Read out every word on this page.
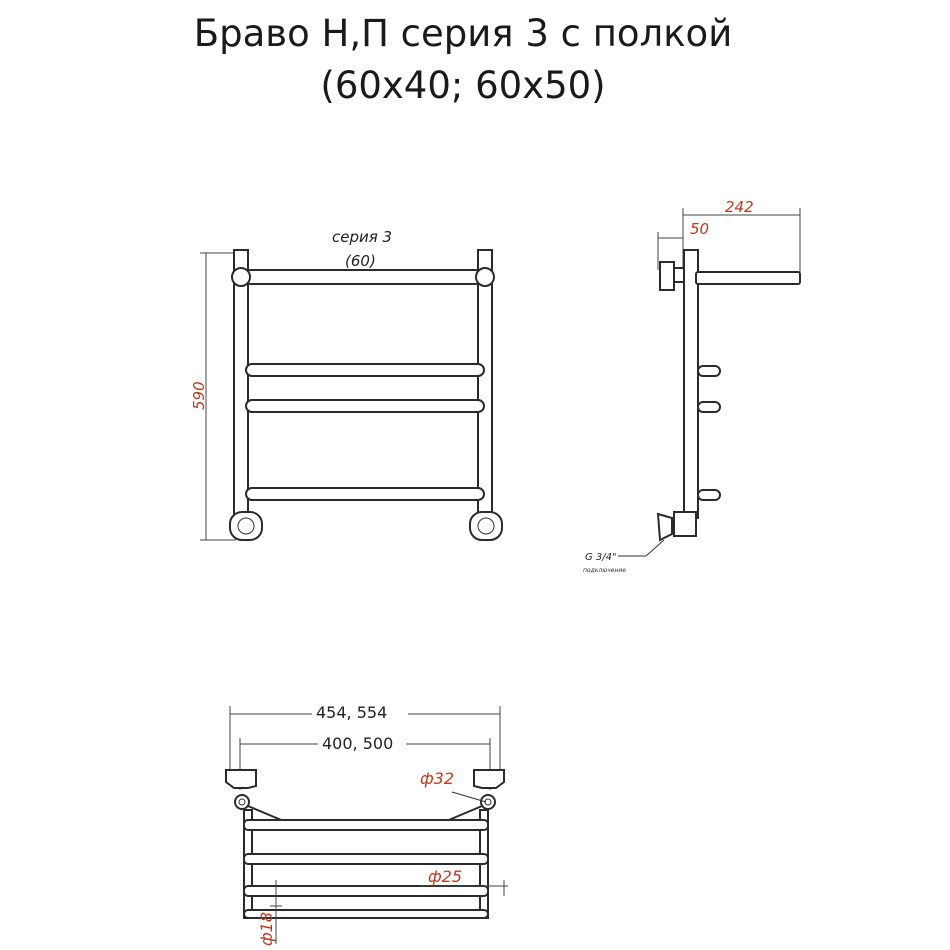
Браво Н,П серия 3 с полкой
(60x40; 60x50)
590
серия 3
(60)
242
50
G 3/4"
подключение
454, 554
400, 500
ф32
ф25
ф18
